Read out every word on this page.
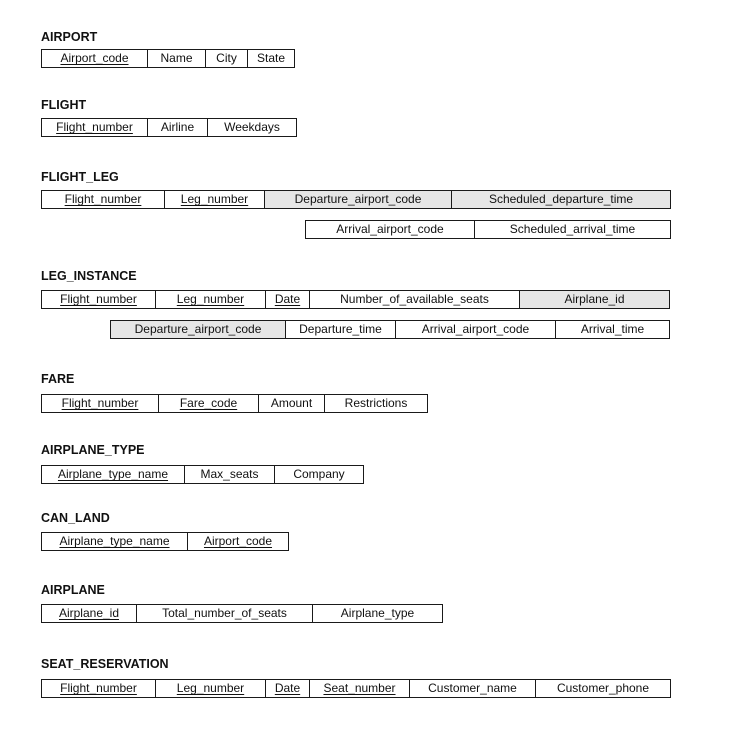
AIRPORT
Airport_code	Name	City	State
FLIGHT
Flight_number	Airline	Weekdays
FLIGHT_LEG
Flight_number	Leg_number	Departure_airport_code	Scheduled_departure_time
Arrival_airport_code	Scheduled_arrival_time
LEG_INSTANCE
Flight_number	Leg_number	Date	Number_of_available_seats	Airplane_id
Departure_airport_code	Departure_time	Arrival_airport_code	Arrival_time
FARE
Flight_number	Fare_code	Amount	Restrictions
AIRPLANE_TYPE
Airplane_type_name	Max_seats	Company
CAN_LAND
Airplane_type_name	Airport_code
AIRPLANE
Airplane_id	Total_number_of_seats	Airplane_type
SEAT_RESERVATION
Flight_number	Leg_number	Date	Seat_number	Customer_name	Customer_phone
